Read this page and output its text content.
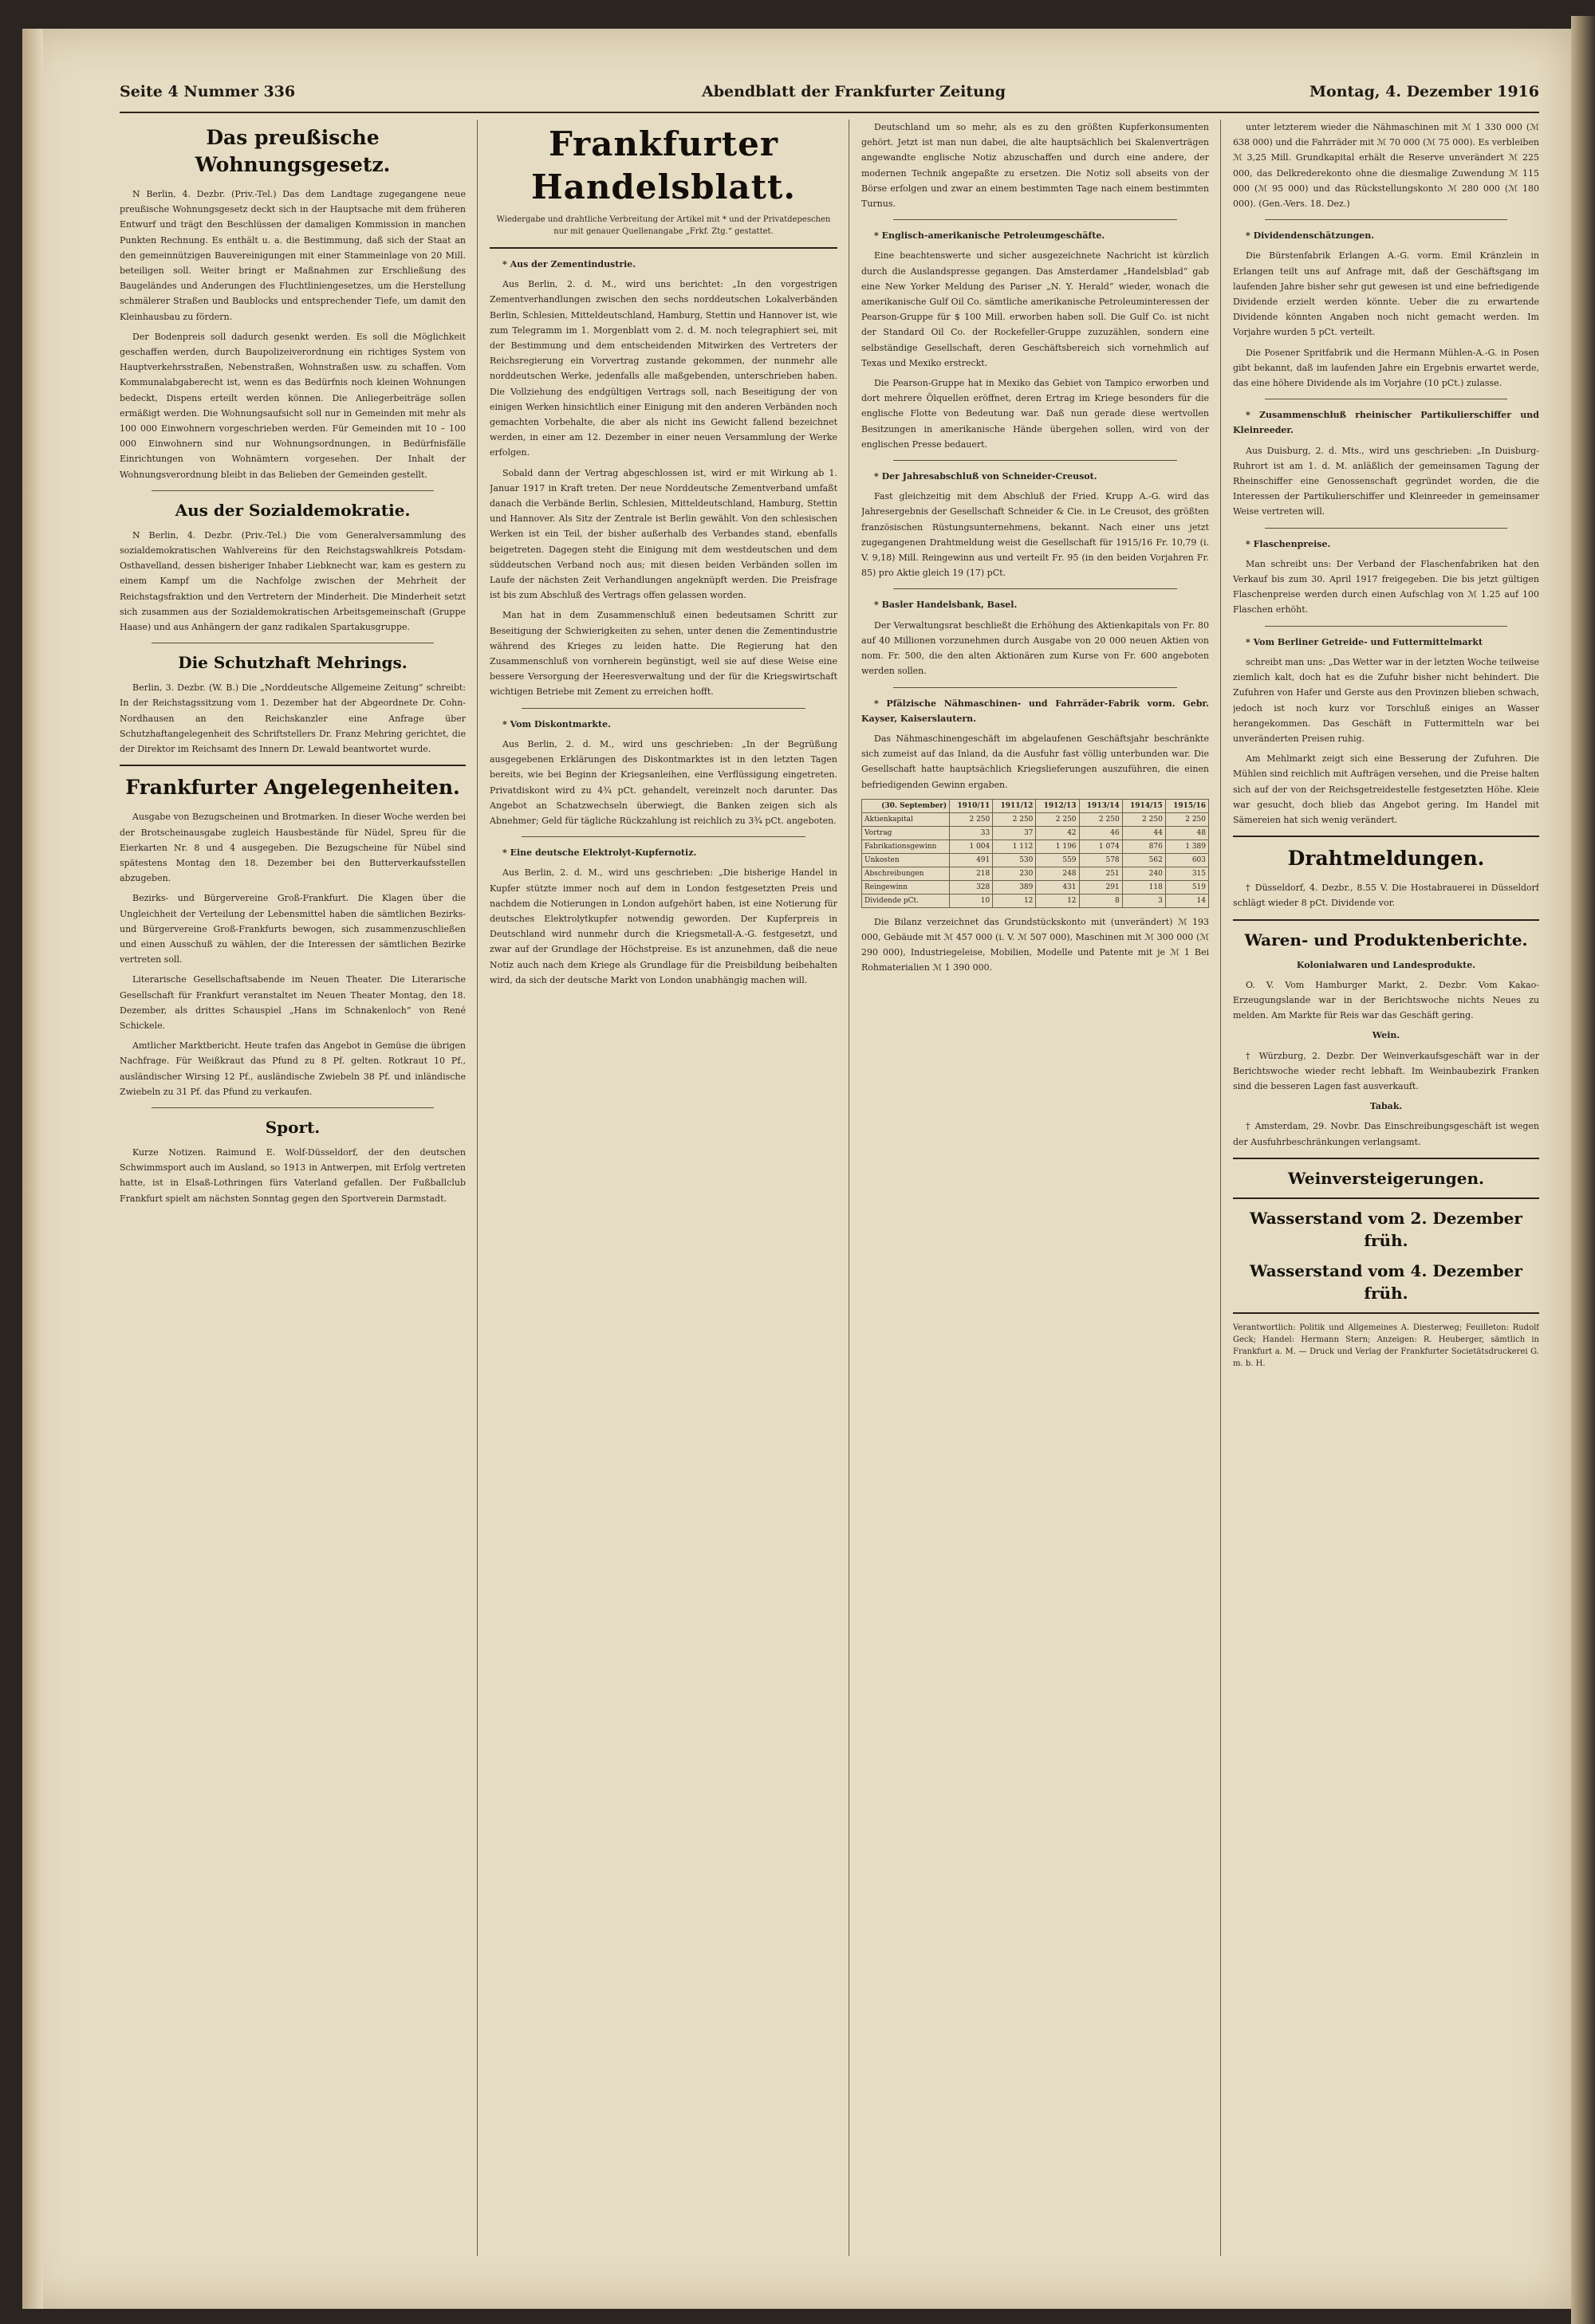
Seite 4 Nummer 336	Abendblatt der Frankfurter Zeitung	Montag, 4. Dezember 1916
Das preußische Wohnungsgesetz.

N Berlin, 4. Dezbr. (Priv.-Tel.) Das dem Landtage zugegangene neue preußische Wohnungsgesetz deckt sich in der Hauptsache mit dem früheren Entwurf und trägt den Beschlüssen der damaligen Kommission in manchen Punkten Rechnung. Es enthält u. a. die Bestimmung, daß sich der Staat an den gemeinnützigen Bauvereinigungen mit einer Stammeinlage von 20 Mill. beteiligen soll. Weiter bringt er Maßnahmen zur Erschließung des Baugeländes und Anderungen des Fluchtliniengesetzes, um die Herstellung schmälerer Straßen und Baublocks und entsprechender Tiefe, um damit den Kleinhausbau zu fördern.

Der Bodenpreis soll dadurch gesenkt werden. Es soll die Möglichkeit geschaffen werden, durch Baupolizeiverordnung ein richtiges System von Hauptverkehrsstraßen, Nebenstraßen, Wohnstraßen usw. zu schaffen. Vom Kommunalabgaberecht ist, wenn es das Bedürfnis noch kleinen Wohnungen bedeckt, Dispens erteilt werden können. Die Anliegerbeiträge sollen ermäßigt werden. Die Wohnungsaufsicht soll nur in Gemeinden mit mehr als 100 000 Einwohnern vorgeschrieben werden. Für Gemeinden mit 10 – 100 000 Einwohnern sind nur Wohnungsordnungen, in Bedürfnisfälle Einrichtungen von Wohnämtern vorgesehen. Der Inhalt der Wohnungsverordnung bleibt in das Belieben der Gemeinden gestellt.

Aus der Sozialdemokratie.

N Berlin, 4. Dezbr. (Priv.-Tel.) Die vom Generalversammlung des sozialdemokratischen Wahlvereins für den Reichstagswahlkreis Potsdam-Osthavelland, dessen bisheriger Inhaber Liebknecht war, kam es gestern zu einem Kampf um die Nachfolge zwischen der Mehrheit der Reichstagsfraktion und den Vertretern der Minderheit. Die Minderheit setzt sich zusammen aus der Sozialdemokratischen Arbeitsgemeinschaft (Gruppe Haase) und aus Anhängern der ganz radikalen Spartakusgruppe.

Die Schutzhaft Mehrings.

Berlin, 3. Dezbr. (W. B.) Die „Norddeutsche Allgemeine Zeitung“ schreibt: In der Reichstagssitzung vom 1. Dezember hat der Abgeordnete Dr. Cohn-Nordhausen an den Reichskanzler eine Anfrage über Schutzhaftangelegenheit des Schriftstellers Dr. Franz Mehring gerichtet, die der Direktor im Reichsamt des Innern Dr. Lewald beantwortet wurde.

Frankfurter Angelegenheiten.

Ausgabe von Bezugscheinen und Brotmarken. In dieser Woche werden bei der Brotscheinausgabe zugleich Hausbestände für Nüdel, Spreu für die Eierkarten Nr. 8 und 4 ausgegeben. Die Bezugscheine für Nübel sind spätestens Montag den 18. Dezember bei den Butterverkaufsstellen abzugeben.

Bezirks- und Bürgervereine Groß-Frankfurt. Die Klagen über die Ungleichheit der Verteilung der Lebensmittel haben die sämtlichen Bezirks- und Bürgervereine Groß-Frankfurts bewogen, sich zusammenzuschließen und einen Ausschuß zu wählen, der die Interessen der sämtlichen Bezirke vertreten soll.

Literarische Gesellschaftsabende im Neuen Theater. Die Literarische Gesellschaft für Frankfurt veranstaltet im Neuen Theater Montag, den 18. Dezember, als drittes Schauspiel „Hans im Schnakenloch“ von René Schickele.

Amtlicher Marktbericht. Heute trafen das Angebot in Gemüse die übrigen Nachfrage. Für Weißkraut das Pfund zu 8 Pf. gelten. Rotkraut 10 Pf., ausländischer Wirsing 12 Pf., ausländische Zwiebeln 38 Pf. und inländische Zwiebeln zu 31 Pf. das Pfund zu verkaufen.

Sport.

Kurze Notizen. Raimund E. Wolf-Düsseldorf, der den deutschen Schwimmsport auch im Ausland, so 1913 in Antwerpen, mit Erfolg vertreten hatte, ist in Elsaß-Lothringen fürs Vaterland gefallen. Der Fußballclub Frankfurt spielt am nächsten Sonntag gegen den Sportverein Darmstadt.

Frankfurter Handelsblatt.
Wiedergabe und drahtliche Verbreitung der Artikel mit * und der Privatdepeschen nur mit genauer Quellenangabe „Frkf. Ztg.“ gestattet.

* Aus der Zementindustrie.

Aus Berlin, 2. d. M., wird uns berichtet: „In den vorgestrigen Zementverhandlungen zwischen den sechs norddeutschen Lokalverbänden Berlin, Schlesien, Mitteldeutschland, Hamburg, Stettin und Hannover ist, wie zum Telegramm im 1. Morgenblatt vom 2. d. M. noch telegraphiert sei, mit der Bestimmung und dem entscheidenden Mitwirken des Vertreters der Reichsregierung ein Vorvertrag zustande gekommen, der nunmehr alle norddeutschen Werke, jedenfalls alle maßgebenden, unterschrieben haben. Die Vollziehung des endgültigen Vertrags soll, nach Beseitigung der von einigen Werken hinsichtlich einer Einigung mit den anderen Verbänden noch gemachten Vorbehalte, die aber als nicht ins Gewicht fallend bezeichnet werden, in einer am 12. Dezember in einer neuen Versammlung der Werke erfolgen.

Sobald dann der Vertrag abgeschlossen ist, wird er mit Wirkung ab 1. Januar 1917 in Kraft treten. Der neue Norddeutsche Zementverband umfaßt danach die Verbände Berlin, Schlesien, Mitteldeutschland, Hamburg, Stettin und Hannover. Als Sitz der Zentrale ist Berlin gewählt. Von den schlesischen Werken ist ein Teil, der bisher außerhalb des Verbandes stand, ebenfalls beigetreten. Dagegen steht die Einigung mit dem westdeutschen und dem süddeutschen Verband noch aus; mit diesen beiden Verbänden sollen im Laufe der nächsten Zeit Verhandlungen angeknüpft werden. Die Preisfrage ist bis zum Abschluß des Vertrags offen gelassen worden.

Man hat in dem Zusammenschluß einen bedeutsamen Schritt zur Beseitigung der Schwierigkeiten zu sehen, unter denen die Zementindustrie während des Krieges zu leiden hatte. Die Regierung hat den Zusammenschluß von vornherein begünstigt, weil sie auf diese Weise eine bessere Versorgung der Heeresverwaltung und der für die Kriegswirtschaft wichtigen Betriebe mit Zement zu erreichen hofft.

* Vom Diskontmarkte.

Aus Berlin, 2. d. M., wird uns geschrieben: „In der Begrüßung ausgegebenen Erklärungen des Diskontmarktes ist in den letzten Tagen bereits, wie bei Beginn der Kriegsanleihen, eine Verflüssigung eingetreten. Privatdiskont wird zu 4¾ pCt. gehandelt, vereinzelt noch darunter. Das Angebot an Schatzwechseln überwiegt, die Banken zeigen sich als Abnehmer; Geld für tägliche Rückzahlung ist reichlich zu 3¾ pCt. angeboten.

* Eine deutsche Elektrolyt-Kupfernotiz.

Aus Berlin, 2. d. M., wird uns geschrieben: „Die bisherige Handel in Kupfer stützte immer noch auf dem in London festgesetzten Preis und nachdem die Notierungen in London aufgehört haben, ist eine Notierung für deutsches Elektrolytkupfer notwendig geworden. Der Kupferpreis in Deutschland wird nunmehr durch die Kriegsmetall-A.-G. festgesetzt, und zwar auf der Grundlage der Höchstpreise. Es ist anzunehmen, daß die neue Notiz auch nach dem Kriege als Grundlage für die Preisbildung beibehalten wird, da sich der deutsche Markt von London unabhängig machen will.

Deutschland um so mehr, als es zu den größten Kupferkonsumenten gehört. Jetzt ist man nun dabei, die alte hauptsächlich bei Skalenverträgen angewandte englische Notiz abzuschaffen und durch eine andere, der modernen Technik angepaßte zu ersetzen. Die Notiz soll abseits von der Börse erfolgen und zwar an einem bestimmten Tage nach einem bestimmten Turnus.

* Englisch-amerikanische Petroleumgeschäfte.

Eine beachtenswerte und sicher ausgezeichnete Nachricht ist kürzlich durch die Auslandspresse gegangen. Das Amsterdamer „Handelsblad“ gab eine New Yorker Meldung des Pariser „N. Y. Herald“ wieder, wonach die amerikanische Gulf Oil Co. sämtliche amerikanische Petroleuminteressen der Pearson-Gruppe für $ 100 Mill. erworben haben soll. Die Gulf Co. ist nicht der Standard Oil Co. der Rockefeller-Gruppe zuzuzählen, sondern eine selbständige Gesellschaft, deren Geschäftsbereich sich vornehmlich auf Texas und Mexiko erstreckt.

Die Pearson-Gruppe hat in Mexiko das Gebiet von Tampico erworben und dort mehrere Ölquellen eröffnet, deren Ertrag im Kriege besonders für die englische Flotte von Bedeutung war. Daß nun gerade diese wertvollen Besitzungen in amerikanische Hände übergehen sollen, wird von der englischen Presse bedauert.

* Der Jahresabschluß von Schneider-Creusot.

Fast gleichzeitig mit dem Abschluß der Fried. Krupp A.-G. wird das Jahresergebnis der Gesellschaft Schneider & Cie. in Le Creusot, des größten französischen Rüstungsunternehmens, bekannt. Nach einer uns jetzt zugegangenen Drahtmeldung weist die Gesellschaft für 1915/16 Fr. 10,79 (i. V. 9,18) Mill. Reingewinn aus und verteilt Fr. 95 (in den beiden Vorjahren Fr. 85) pro Aktie gleich 19 (17) pCt.

* Basler Handelsbank, Basel.

Der Verwaltungsrat beschließt die Erhöhung des Aktienkapitals von Fr. 80 auf 40 Millionen vorzunehmen durch Ausgabe von 20 000 neuen Aktien von nom. Fr. 500, die den alten Aktionären zum Kurse von Fr. 600 angeboten werden sollen.

* Pfälzische Nähmaschinen- und Fahrräder-Fabrik vorm. Gebr. Kayser, Kaiserslautern.

Das Nähmaschinengeschäft im abgelaufenen Geschäftsjahr beschränkte sich zumeist auf das Inland, da die Ausfuhr fast völlig unterbunden war. Die Gesellschaft hatte hauptsächlich Kriegslieferungen auszuführen, die einen befriedigenden Gewinn ergaben.

(30. September)	1910/11	1911/12	1912/13	1913/14	1914/15	1915/16
Aktienkapital	2 250	2 250	2 250	2 250	2 250	2 250
Vortrag	33	37	42	46	44	48
Fabrikationsgewinn	1 004	1 112	1 196	1 074	876	1 389
Unkosten	491	530	559	578	562	603
Abschreibungen	218	230	248	251	240	315
Reingewinn	328	389	431	291	118	519
Dividende pCt.	10	12	12	8	3	14

Die Bilanz verzeichnet das Grundstückskonto mit (unverändert) ℳ 193 000, Gebäude mit ℳ 457 000 (i. V. ℳ 507 000), Maschinen mit ℳ 300 000 (ℳ 290 000), Industriegeleise, Mobilien, Modelle und Patente mit je ℳ 1 Bei Rohmaterialien ℳ 1 390 000.

unter letzterem wieder die Nähmaschinen mit ℳ 1 330 000 (ℳ 638 000) und die Fahrräder mit ℳ 70 000 (ℳ 75 000). Es verbleiben ℳ 3,25 Mill. Grundkapital erhält die Reserve unverändert ℳ 225 000, das Delkrederekonto ohne die diesmalige Zuwendung ℳ 115 000 (ℳ 95 000) und das Rückstellungskonto ℳ 280 000 (ℳ 180 000). (Gen.-Vers. 18. Dez.)

* Dividendenschätzungen.

Die Bürstenfabrik Erlangen A.-G. vorm. Emil Kränzlein in Erlangen teilt uns auf Anfrage mit, daß der Geschäftsgang im laufenden Jahre bisher sehr gut gewesen ist und eine befriedigende Dividende erzielt werden könnte. Ueber die zu erwartende Dividende könnten Angaben noch nicht gemacht werden. Im Vorjahre wurden 5 pCt. verteilt.

Die Posener Spritfabrik und die Hermann Mühlen-A.-G. in Posen gibt bekannt, daß im laufenden Jahre ein Ergebnis erwartet werde, das eine höhere Dividende als im Vorjahre (10 pCt.) zulasse.

* Zusammenschluß rheinischer Partikulierschiffer und Kleinreeder.

Aus Duisburg, 2. d. Mts., wird uns geschrieben: „In Duisburg-Ruhrort ist am 1. d. M. anläßlich der gemeinsamen Tagung der Rheinschiffer eine Genossenschaft gegründet worden, die die Interessen der Partikulierschiffer und Kleinreeder in gemeinsamer Weise vertreten will.

* Flaschenpreise.

Man schreibt uns: Der Verband der Flaschenfabriken hat den Verkauf bis zum 30. April 1917 freigegeben. Die bis jetzt gültigen Flaschenpreise werden durch einen Aufschlag von ℳ 1.25 auf 100 Flaschen erhöht.

* Vom Berliner Getreide- und Futtermittelmarkt

schreibt man uns: „Das Wetter war in der letzten Woche teilweise ziemlich kalt, doch hat es die Zufuhr bisher nicht behindert. Die Zufuhren von Hafer und Gerste aus den Provinzen blieben schwach, jedoch ist noch kurz vor Torschluß einiges an Wasser herangekommen. Das Geschäft in Futtermitteln war bei unveränderten Preisen ruhig.

Am Mehlmarkt zeigt sich eine Besserung der Zufuhren. Die Mühlen sind reichlich mit Aufträgen versehen, und die Preise halten sich auf der von der Reichsgetreidestelle festgesetzten Höhe. Kleie war gesucht, doch blieb das Angebot gering. Im Handel mit Sämereien hat sich wenig verändert.

Drahtmeldungen.

† Düsseldorf, 4. Dezbr., 8.55 V. Die Hostabrauerei in Düsseldorf schlägt wieder 8 pCt. Dividende vor.

Waren- und Produktenberichte.

Kolonialwaren und Landesprodukte.

O. V. Vom Hamburger Markt, 2. Dezbr. Vom Kakao-Erzeugungslande war in der Berichtswoche nichts Neues zu melden. Am Markte für Reis war das Geschäft gering.

Wein.

† Würzburg, 2. Dezbr. Der Weinverkaufsgeschäft war in der Berichtswoche wieder recht lebhaft. Im Weinbaubezirk Franken sind die besseren Lagen fast ausverkauft.

Tabak.

† Amsterdam, 29. Novbr. Das Einschreibungsgeschäft ist wegen der Ausfuhrbeschränkungen verlangsamt.

Weinversteigerungen.
Wasserstand vom 2. Dezember früh.
Wasserstand vom 4. Dezember früh.

Verantwortlich: Politik und Allgemeines A. Diesterweg; Feuilleton: Rudolf Geck; Handel: Hermann Stern; Anzeigen: R. Heuberger, sämtlich in Frankfurt a. M. — Druck und Verlag der Frankfurter Societätsdruckerei G. m. b. H.
